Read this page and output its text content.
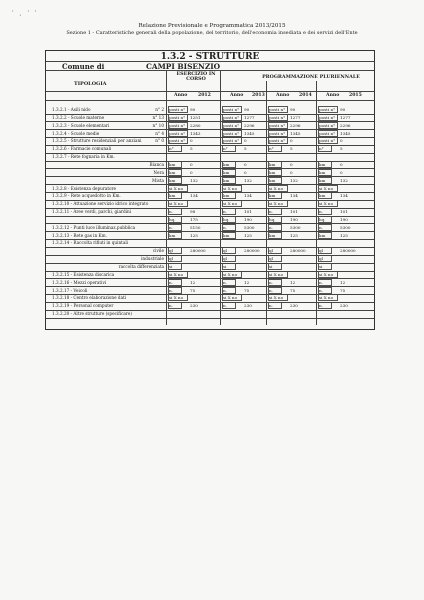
' , ' '
Relazione Previsionale e Programmatica 2013/2015
Sezione 1 - Caratteristiche generali della popolazione, del territorio, dell'economia insediata e dei servizi dell'Ente
1.3.2 - STRUTTURE
Comune di	CAMPI BISENZIO
TIPOLOGIA
ESERCIZIO IN CORSO	PROGRAMMAZIONE PLURIENNALE
Anno 2012	Anno 2013 Anno 2014	Anno 2015
1.3.2.1 - Asili nido	n° 2 posti n° 90	posti n° 90	posti n° 90	posti n° 90
1.3.2.2 - Scuole materne	n° 13 posti n° 1251	posti n° 1277	posti n° 1277	posti n° 1277
1.3.2.3 - Scuole elementari	n° 10 posti n° 2280	posti n° 2296	posti n° 2296	posti n° 2296
1.3.2.4 - Scuole medie	n° 4 posti n° 1343	posti n° 1345	posti n° 1345	posti n° 1345
1.3.2.5 - Strutture residenziali per anziani	n° 0 posti n° 0	posti n° 0	posti n° 0	posti n° 0
1.3.2.6 - Farmacie comunali	n°	5	n°	5	n°	5	n°	5
1.3.2.7 - Rete fognaria in Km.
Bianca km	0	km	0	km	0	km	0
Nera km	0	km	0	km	0	km	0
Mista km	132	km	132	km	132	km	132
1.3.2.8 - Esistenza depuratore	si X no	si X no	si X no	si X no
1.3.2.9 - Rete acquedotto in Km.	km	134	km	134	km	134	km	134
1.3.2.10 - Attuazione servizio idrico integrato	si X no	si X no	si X no	si X no
1.3.2.11 - Aree verdi, parchi, giardini	n.	98	n.	101	n.	101	n.	101
hq.	175	hq.	190	hq.	190	hq.	190
1.3.2.12 - Punti luce illuminaz.pubblica	n.	5150	n.	5300	n.	5300	n.	5300
1.3.2.13 - Rete gas in Km.	km	125	km	125	km	125	km	125
1.3.2.14 - Raccolta rifiuti in quintali
civile ql	280000	ql	280000 ql	280000	ql	280000
industriale ql	ql	ql	ql
raccolta differenziata si	si	si	si
1.3.2.15 - Esistenza discarica	si X no	si X no	si X no	si X no
1.3.2.16 - Mezzi operativi	n.	12	n.	12	n.	12	n.	12
1.3.2.17 - Veicoli	n.	75	n.	75	n.	75	n.	75
1.3.2.18 - Centro elaborazione dati	si X no	si X no	si X no	si X no
1.3.2.19 - Personal computer	n.	230	n.	230	n.	230	n.	230
1.3.2.20 - Altre strutture (specificare)
